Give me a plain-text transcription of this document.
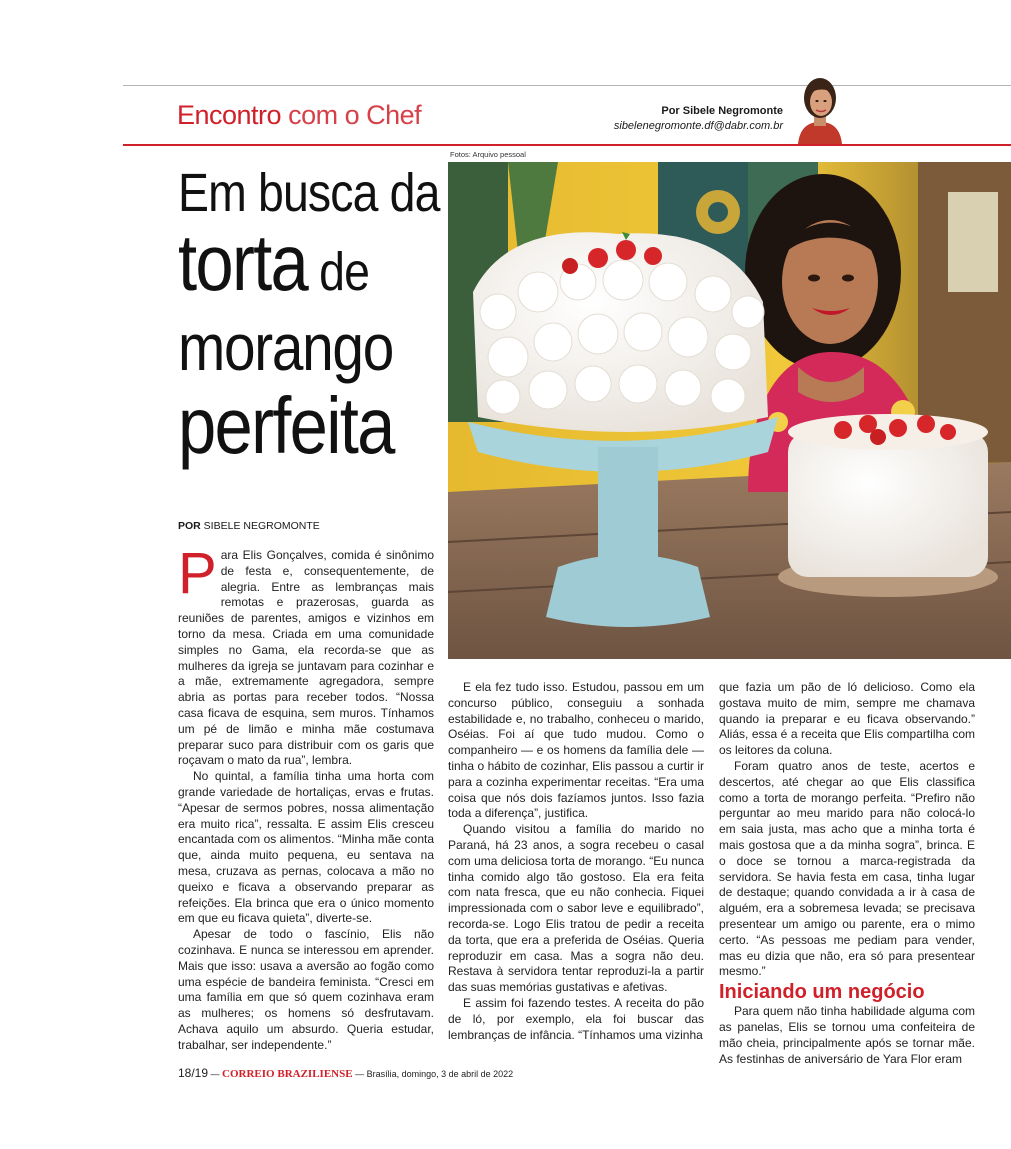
Encontro com o Chef	Por Sibele Negromonte
sibelenegromonte.df@dabr.com.br
Fotos: Arquivo pessoal
Em busca da
torta de
morango
perfeita
POR SIBELE NEGROMONTE

Para Elis Gonçalves, comida é sinônimo de festa e, consequentemente, de alegria. Entre as lembranças mais remotas e prazerosas, guarda as reuniões de parentes, amigos e vizinhos em torno da mesa. Criada em uma comunidade simples no Gama, ela recorda-se que as mulheres da igreja se juntavam para cozinhar e a mãe, extremamente agregadora, sempre abria as portas para receber todos. “Nossa casa ficava de esquina, sem muros. Tínhamos um pé de limão e minha mãe costumava preparar suco para distribuir com os garis que roçavam o mato da rua”, lembra.

No quintal, a família tinha uma horta com grande variedade de hortaliças, ervas e frutas. “Apesar de sermos pobres, nossa alimentação era muito rica”, ressalta. E assim Elis cresceu encantada com os alimentos. “Minha mãe conta que, ainda muito pequena, eu sentava na mesa, cruzava as pernas, colocava a mão no queixo e ficava a observando preparar as refeições. Ela brinca que era o único momento em que eu ficava quieta”, diverte-se.

Apesar de todo o fascínio, Elis não cozinhava. E nunca se interessou em aprender. Mais que isso: usava a aversão ao fogão como uma espécie de bandeira feminista. “Cresci em uma família em que só quem cozinhava eram as mulheres; os homens só desfrutavam. Achava aquilo um absurdo. Queria estudar, trabalhar, ser independente.”

E ela fez tudo isso. Estudou, passou em um concurso público, conseguiu a sonhada estabilidade e, no trabalho, conheceu o marido, Oséias. Foi aí que tudo mudou. Como o companheiro — e os homens da família dele — tinha o hábito de cozinhar, Elis passou a curtir ir para a cozinha experimentar receitas. “Era uma coisa que nós dois fazíamos juntos. Isso fazia toda a diferença”, justifica.

Quando visitou a família do marido no Paraná, há 23 anos, a sogra recebeu o casal com uma deliciosa torta de morango. “Eu nunca tinha comido algo tão gostoso. Ela era feita com nata fresca, que eu não conhecia. Fiquei impressionada com o sabor leve e equilibrado”, recorda-se. Logo Elis tratou de pedir a receita da torta, que era a preferida de Oséias. Queria reproduzir em casa. Mas a sogra não deu. Restava à servidora tentar reproduzi-la a partir das suas memórias gustativas e afetivas.

E assim foi fazendo testes. A receita do pão de ló, por exemplo, ela foi buscar das lembranças de infância. “Tínhamos uma vizinha

que fazia um pão de ló delicioso. Como ela gostava muito de mim, sempre me chamava quando ia preparar e eu ficava observando.” Aliás, essa é a receita que Elis compartilha com os leitores da coluna.

Foram quatro anos de teste, acertos e descertos, até chegar ao que Elis classifica como a torta de morango perfeita. “Prefiro não perguntar ao meu marido para não colocá-lo em saia justa, mas acho que a minha torta é mais gostosa que a da minha sogra”, brinca. E o doce se tornou a marca-registrada da servidora. Se havia festa em casa, tinha lugar de destaque; quando convidada a ir à casa de alguém, era a sobremesa levada; se precisava presentear um amigo ou parente, era o mimo certo. “As pessoas me pediam para vender, mas eu dizia que não, era só para presentear mesmo.”

Iniciando um negócio

Para quem não tinha habilidade alguma com as panelas, Elis se tornou uma confeiteira de mão cheia, principalmente após se tornar mãe. As festinhas de aniversário de Yara Flor eram

18/19 — CORREIO BRAZILIENSE — Brasília, domingo, 3 de abril de 2022
